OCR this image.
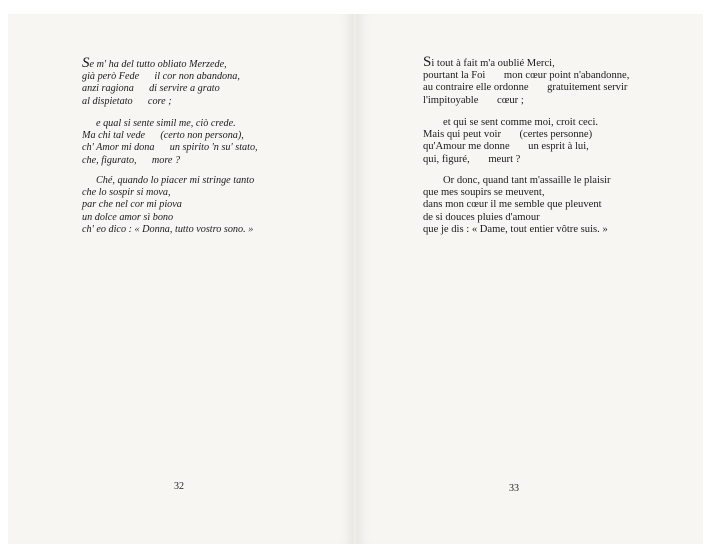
Se m' ha del tutto obliato Merzede,
già però Fede      il cor non abandona,
anzi ragiona      di servire a grato
al dispietato      core ;
e qual si sente simil me, ciò crede.
Ma chi tal vede      (certo non persona),
ch' Amor mi dona      un spirito 'n su' stato,
che, figurato,      more ?
Ché, quando lo piacer mi stringe tanto
che lo sospir si mova,
par che nel cor mi piova
un dolce amor sì bono
ch' eo dico : « Donna, tutto vostro sono. »
32
Si tout à fait m'a oublié Merci,
pourtant la Foi       mon cœur point n'abandonne,
au contraire elle ordonne       gratuitement servir
l'impitoyable       cœur ;
et qui se sent comme moi, croit ceci.
Mais qui peut voir       (certes personne)
qu'Amour me donne       un esprit à lui,
qui, figuré,       meurt ?
Or donc, quand tant m'assaille le plaisir
que mes soupirs se meuvent,
dans mon cœur il me semble que pleuvent
de si douces pluies d'amour
que je dis : « Dame, tout entier vôtre suis. »
33
